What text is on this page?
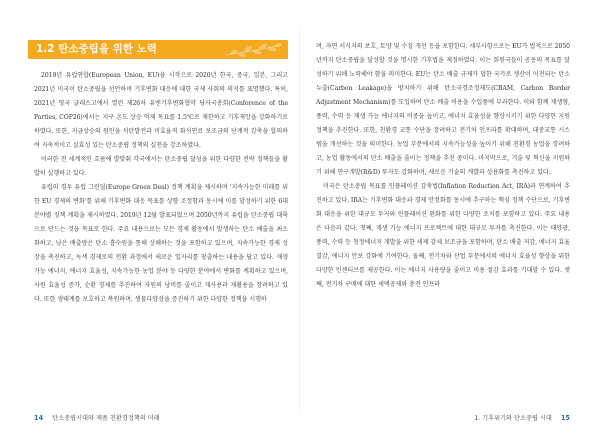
1.2 탄소중립을 위한 노력

2019년 유럽연합(European Union, EU)을 시작으로 2020년 한국, 중국, 일본, 그리고 2021년 미국이 탄소중립을 선언하며 기후변화 대응에 대한 국제 사회의 의지를 표명했다. 특히, 2021년 영국 글래스고에서 열린 제26차 유엔기후변화협약 당사국총회(Conference of the Parties, COP26)에서는 지구 온도 상승 억제 목표를 1.5℃로 제한하고 기후재앙을 강화하기로 하였다. 또한, 지금상승의 원인을 석탄발전과 비효율적 화석연료 보조금의 단계적 감축을 합의하여 자속적이고 실효성 있는 탄소중립 정책의 실천을 강조하였다.

이러한 전 세계적인 흐름에 발맞춰 각국에서는 탄소중립 달성을 위한 다양한 전략 정책들을 활발히 실행하고 있다.

유럽의 경우 유럽 그린딜(Europe Green Deal) 정책 계획을 제시하며 '지속가능한 미래를 위한 EU 경제의 변화'를 위해 기후변화 대응 목표를 상향 조정함과 동시에 이를 달성하기 위한 6대 분야별 정책 계획을 제시하였다. 2019년 12월 발표되었으며 2050년까지 유럽을 탄소중립 대륙으로 만드는 것을 목표로 한다. 주요 내용으로는 모든 경제 활동에서 발생하는 탄소 배출을 최소화하고, 남은 배출량은 탄소 흡수원을 통해 상쇄하는 것을 포함하고 있으며, 지속가능한 경제 성장을 촉진하고, 녹색 경제로의 전환 과정에서 새로운 일자리를 창출하는 내용을 담고 있다. 재생 가능 에너지, 에너지 효율성, 지속가능한 농업 분야 등 다양한 분야에서 변화를 계획하고 있으며, 자원 효율성 증가, 순환 경제를 추진하여 자원의 낭비를 줄이고 재사용과 재활용을 장려하고 있다. 또한 생태계를 보호하고 복원하며, 생물다양성을 증진하기 위한 다양한 정책을 시행하

14 탄소중립시대와 제품 친환경정책의 미래

며, 자연 서식지의 보호, 토양 및 수질 개선 등을 포함한다. 세부사항으로는 EU가 법적으로 2050년까지 탄소중립을 달성할 것을 명시한 기후법을 제정하였다. 이는 회원국들이 공동의 목표를 달성하기 위해 노력해야 함을 의미한다. EU는 탄소 배출 규제가 덜한 국가로 생산이 이전되는 탄소 누출(Carbon Leakage)을 방지하기 위해 탄소국경조정제도(CBAM, Carbon Border Adjustment Mechanism)를 도입하여 탄소 배출 비용을 수입품에 부과한다. 이와 함께 재생형, 풍력, 수력 등 재생 가능 에너지의 비중을 높이고, 에너지 효율성을 향상시키기 위한 다양한 지원 정책을 추진한다. 또한, 친환경 교통 수단을 장려하고 전기차 인프라를 확대하며, 대중교통 시스템을 개선하는 것을 의미한다. 농업 부문에서의 지속가능성을 높이기 위해 친환경 농업을 장려하고, 농업 활동에서의 탄소 배출을 줄이는 정책을 추진 중이다. 마지막으로, 기술 및 혁신을 지원하기 위해 연구개발(R&D) 투자도 강화하며, 새로운 기술의 개발과 상용화를 촉진하고 있다.

미국은 탄소중립 목표를 인플레이션 감축법(Inflation Reduction Act, IRA)과 연계하여 추진하고 있다. IRA는 기후변화 대응과 경제 안정화를 동시에 추구하는 핵심 정책 수단으로, 기후변화 대응을 위한 대규모 투자와 인플레이션 완화를 위한 다양한 조치를 포함하고 있다. 주요 내용은 다음과 같다. 첫째, 재생 가능 에너지 프로젝트에 대한 대규모 투자를 촉진한다. 이는 태양광, 풍력, 수력 등 청정에너지 개발을 위한 세제 감세 보조금을 포함하며, 탄소 배출 저감, 에너지 효율 결감, 에너지 안보 강화에 기여한다. 둘째, 전기차와 산업 부문에서의 에너지 효율성 향상을 위한 다양한 인센티브를 제공한다. 이는 에너지 사용량을 줄이고 비용 절감 효과를 기대할 수 있다. 셋째, 전기차 구매에 대한 세액공제와 충전 인프라

1. 기후위기와 탄소중립 시대 15
